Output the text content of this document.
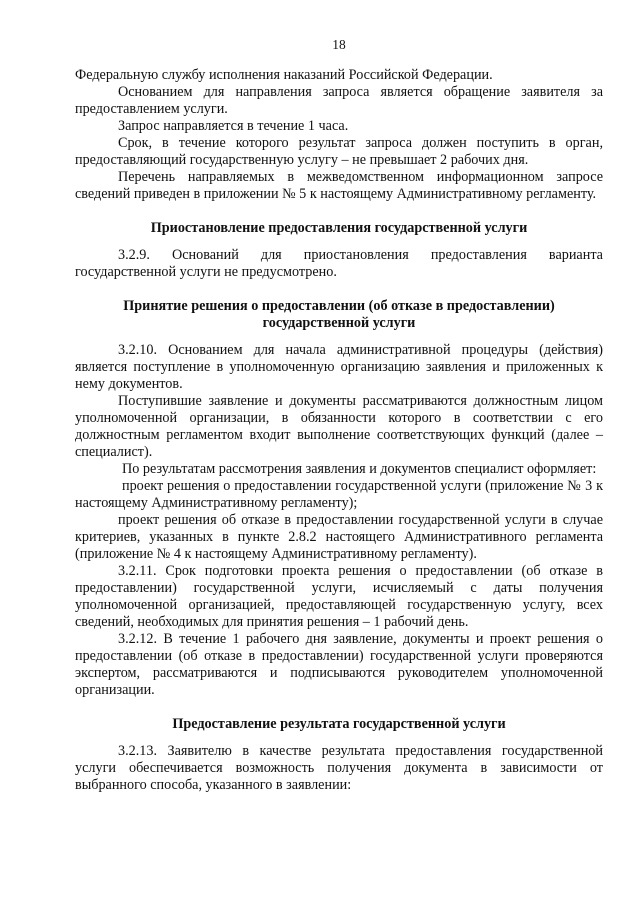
18

Федеральную службу исполнения наказаний Российской Федерации.

Основанием для направления запроса является обращение заявителя за предоставлением услуги.

Запрос направляется в течение 1 часа.

Срок, в течение которого результат запроса должен поступить в орган, предоставляющий государственную услугу – не превышает 2 рабочих дня.

Перечень направляемых в межведомственном информационном запросе сведений приведен в приложении № 5 к настоящему Административному регламенту.

Приостановление предоставления государственной услуги

3.2.9. Оснований для приостановления предоставления варианта государственной услуги не предусмотрено.

Принятие решения о предоставлении (об отказе в предоставлении) государственной услуги

3.2.10. Основанием для начала административной процедуры (действия) является поступление в уполномоченную организацию заявления и приложенных к нему документов.

Поступившие заявление и документы рассматриваются должностным лицом уполномоченной организации, в обязанности которого в соответствии с его должностным регламентом входит выполнение соответствующих функций (далее – специалист).

По результатам рассмотрения заявления и документов специалист оформляет:

проект решения о предоставлении государственной услуги (приложение № 3 к настоящему Административному регламенту);

проект решения об отказе в предоставлении государственной услуги в случае критериев, указанных в пункте 2.8.2 настоящего Административного регламента (приложение № 4 к настоящему Административному регламенту).

3.2.11. Срок подготовки проекта решения о предоставлении (об отказе в предоставлении) государственной услуги, исчисляемый с даты получения уполномоченной организацией, предоставляющей государственную услугу, всех сведений, необходимых для принятия решения – 1 рабочий день.

3.2.12. В течение 1 рабочего дня заявление, документы и проект решения о предоставлении (об отказе в предоставлении) государственной услуги проверяются экспертом, рассматриваются и подписываются руководителем уполномоченной организации.

Предоставление результата государственной услуги

3.2.13. Заявителю в качестве результата предоставления государственной услуги обеспечивается возможность получения документа в зависимости от выбранного способа, указанного в заявлении:
